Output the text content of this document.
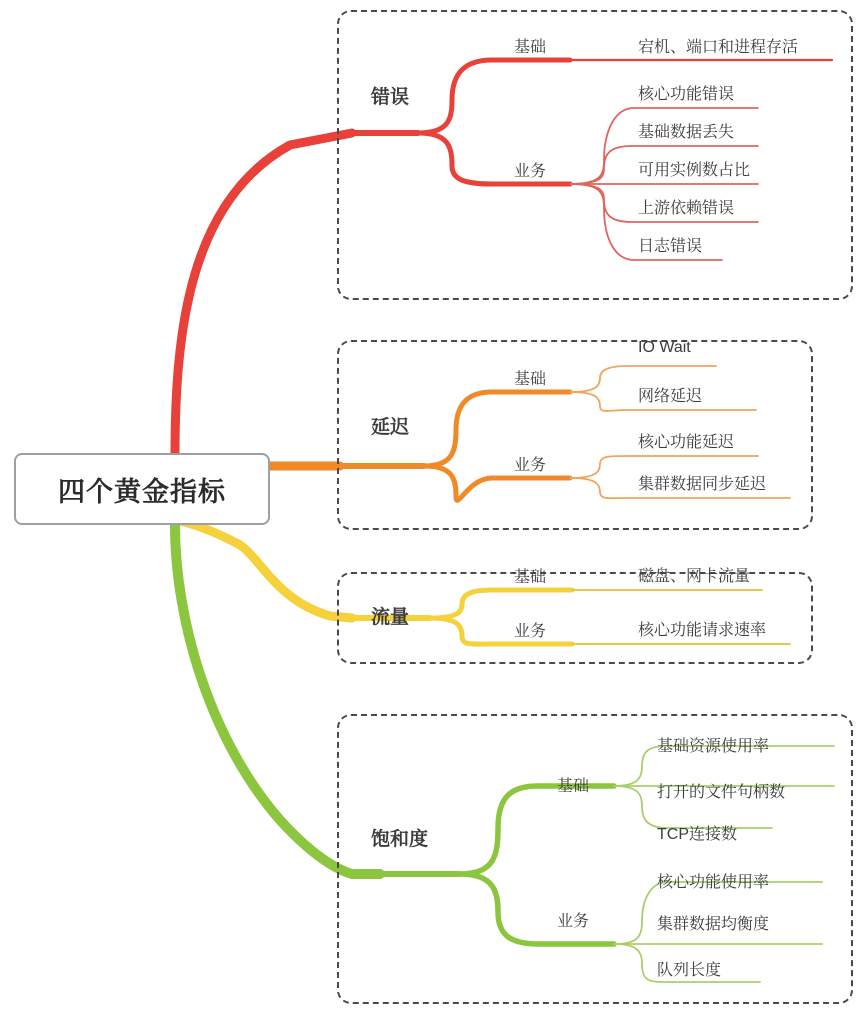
四个黄金指标
错误
基础
业务
宕机、端口和进程存活
核心功能错误
基础数据丢失
可用实例数占比
上游依赖错误
日志错误
延迟
基础
业务
IO Wait
网络延迟
核心功能延迟
集群数据同步延迟
流量
基础
业务
磁盘、网卡流量
核心功能请求速率
饱和度
基础
业务
基础资源使用率
打开的文件句柄数
TCP连接数
核心功能使用率
集群数据均衡度
队列长度
